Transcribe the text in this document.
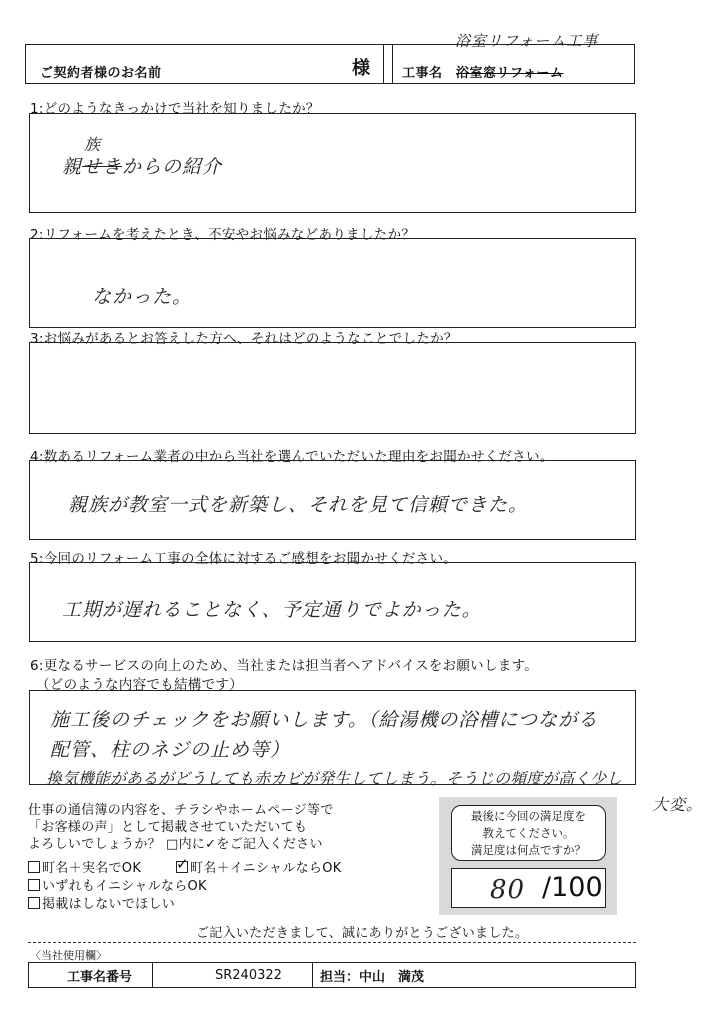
ご契約者様のお名前	様 工事名 浴室窓リフォーム
浴室リフォーム工事
1:どのようなきっかけで当社を知りましたか？
親せきからの紹介
族
2:リフォームを考えたとき、不安やお悩みなどありましたか？
なかった。
3:お悩みがあるとお答えした方へ、それはどのようなことでしたか？
4:数あるリフォーム業者の中から当社を選んでいただいた理由をお聞かせください。
親族が教室一式を新築し、それを見て信頼できた。
5:今回のリフォーム工事の全体に対するご感想をお聞かせください。
工期が遅れることなく、予定通りでよかった。
6:更なるサービスの向上のため、当社または担当者へアドバイスをお願いします。
（どのような内容でも結構です）
施工後のチェックをお願いします。（給湯機の浴槽につながる
配管、柱のネジの止め等）
換気機能があるがどうしても赤カビが発生してしまう。そうじの頻度が高く少し
大変。
仕事の通信簿の内容を、チラシやホームページ等で
「お客様の声」として掲載させていただいても
よろしいでしょうか？ □内に✓をご記入ください
町名＋実名でOK ✓ 町名＋イニシャルならOK
いずれもイニシャルならOK
掲載はしないでほしい
最後に今回の満足度を
教えてください。
満足度は何点ですか？
80 /100
ご記入いただきまして、誠にありがとうございました。
〈当社使用欄〉
工事名番号	SR240322	担当： 中山　満茂
